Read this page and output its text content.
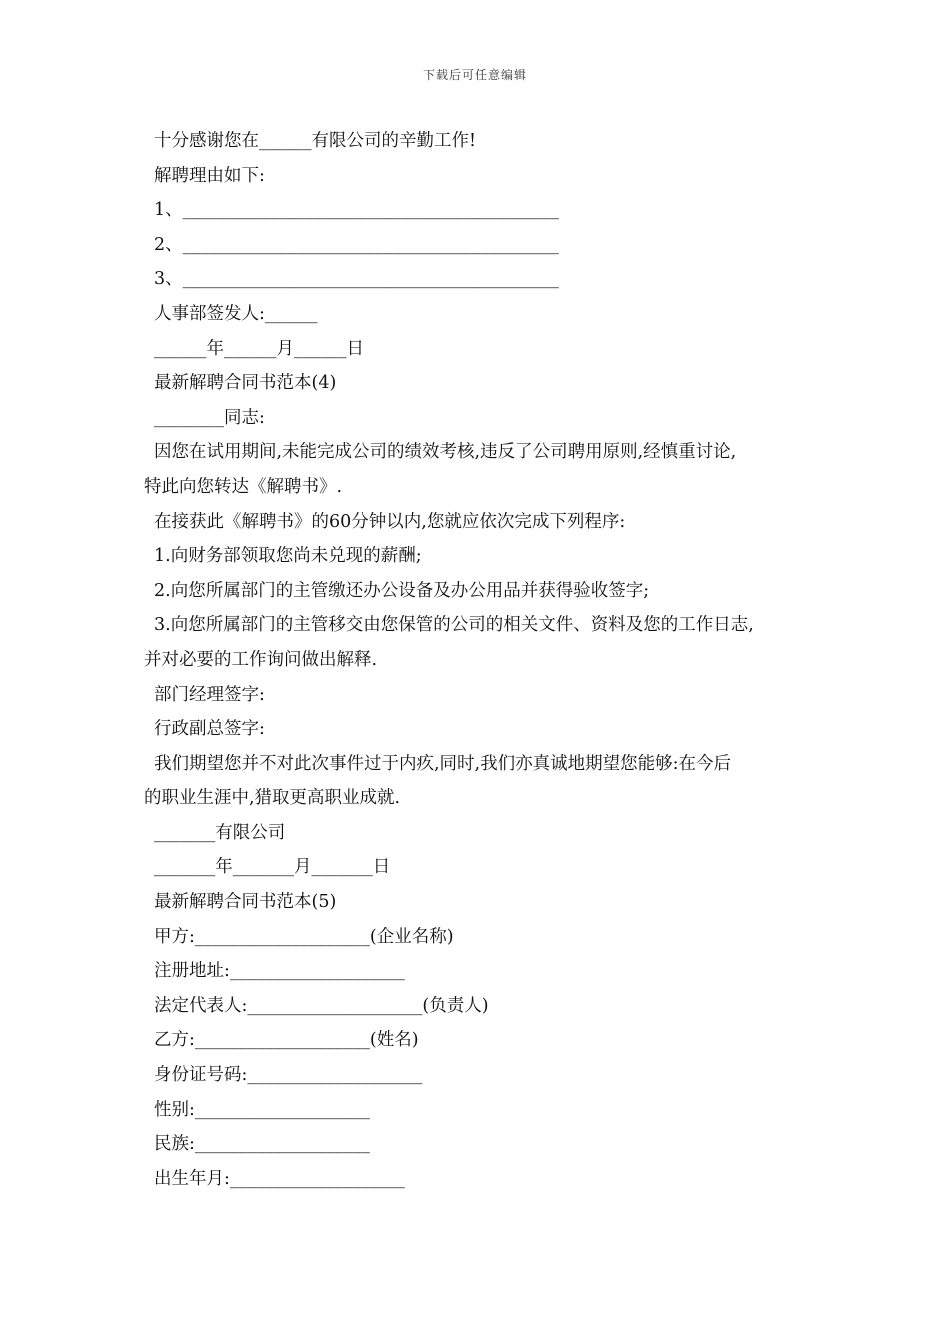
下载后可任意编辑
十分感谢您在______有限公司的辛勤工作!
解聘理由如下:
1、___________________________________________
2、___________________________________________
3、___________________________________________
人事部签发人:______
______年______月______日
最新解聘合同书范本(4)
________同志:
因您在试用期间,未能完成公司的绩效考核,违反了公司聘用原则,经慎重讨论,
特此向您转达《解聘书》.
在接获此《解聘书》的60分钟以内,您就应依次完成下列程序:
1.向财务部领取您尚未兑现的薪酬;
2.向您所属部门的主管缴还办公设备及办公用品并获得验收签字;
3.向您所属部门的主管移交由您保管的公司的相关文件、资料及您的工作日志,
并对必要的工作询问做出解释.
部门经理签字:
行政副总签字:
我们期望您并不对此次事件过于内疚,同时,我们亦真诚地期望您能够:在今后
的职业生涯中,猎取更高职业成就.
_______有限公司
_______年_______月_______日
最新解聘合同书范本(5)
甲方:____________________(企业名称)
注册地址:____________________
法定代表人:____________________(负责人)
乙方:____________________(姓名)
身份证号码:____________________
性别:____________________
民族:____________________
出生年月:____________________
